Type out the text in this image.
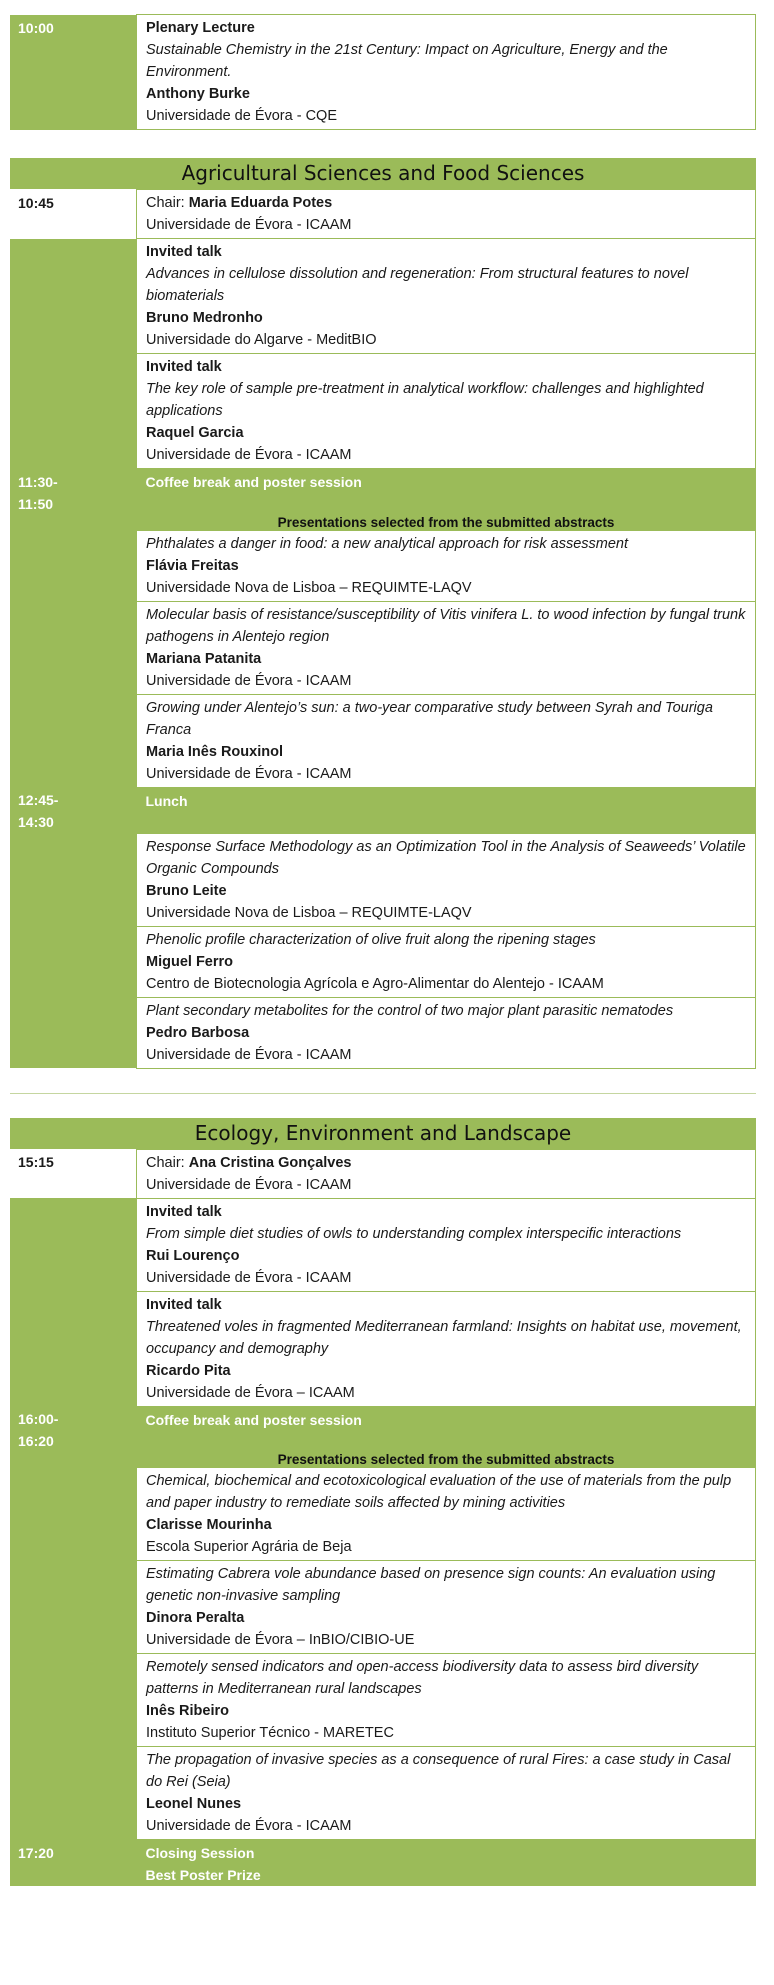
10:00	Plenary Lecture
Sustainable Chemistry in the 21st Century: Impact on Agriculture, Energy and the Environment.
Anthony Burke
Universidade de Évora - CQE
Agricultural Sciences and Food Sciences
10:45	Chair: Maria Eduarda Potes
Universidade de Évora - ICAAM

	Invited talk
Advances in cellulose dissolution and regeneration: From structural features to novel biomaterials
Bruno Medronho
Universidade do Algarve - MeditBIO

	Invited talk
The key role of sample pre-treatment in analytical workflow: challenges and highlighted applications
Raquel Garcia
Universidade de Évora - ICAAM

11:30-
11:50	Coffee break and poster session
	Presentations selected from the submitted abstracts

	Phthalates a danger in food: a new analytical approach for risk assessment
Flávia Freitas
Universidade Nova de Lisboa – REQUIMTE-LAQV

	Molecular basis of resistance/susceptibility of Vitis vinifera L. to wood infection by fungal trunk pathogens in Alentejo region
Mariana Patanita
Universidade de Évora - ICAAM

	Growing under Alentejo’s sun: a two-year comparative study between Syrah and Touriga Franca
Maria Inês Rouxinol
Universidade de Évora - ICAAM

12:45-
14:30	Lunch

	Response Surface Methodology as an Optimization Tool in the Analysis of Seaweeds’ Volatile Organic Compounds
Bruno Leite
Universidade Nova de Lisboa – REQUIMTE-LAQV

	Phenolic profile characterization of olive fruit along the ripening stages
Miguel Ferro
Centro de Biotecnologia Agrícola e Agro-Alimentar do Alentejo - ICAAM

	Plant secondary metabolites for the control of two major plant parasitic nematodes
Pedro Barbosa
Universidade de Évora - ICAAM
Ecology, Environment and Landscape
15:15	Chair: Ana Cristina Gonçalves
Universidade de Évora - ICAAM

	Invited talk
From simple diet studies of owls to understanding complex interspecific interactions
Rui Lourenço
Universidade de Évora - ICAAM

	Invited talk
Threatened voles in fragmented Mediterranean farmland: Insights on habitat use, movement, occupancy and demography
Ricardo Pita
Universidade de Évora – ICAAM

16:00-
16:20	Coffee break and poster session
	Presentations selected from the submitted abstracts

	Chemical, biochemical and ecotoxicological evaluation of the use of materials from the pulp and paper industry to remediate soils affected by mining activities
Clarisse Mourinha
Escola Superior Agrária de Beja

	Estimating Cabrera vole abundance based on presence sign counts: An evaluation using genetic non-invasive sampling
Dinora Peralta
Universidade de Évora – InBIO/CIBIO-UE

	Remotely sensed indicators and open-access biodiversity data to assess bird diversity patterns in Mediterranean rural landscapes
Inês Ribeiro
Instituto Superior Técnico - MARETEC

	The propagation of invasive species as a consequence of rural Fires: a case study in Casal do Rei (Seia)
Leonel Nunes
Universidade de Évora - ICAAM

17:20	Closing Session
Best Poster Prize
